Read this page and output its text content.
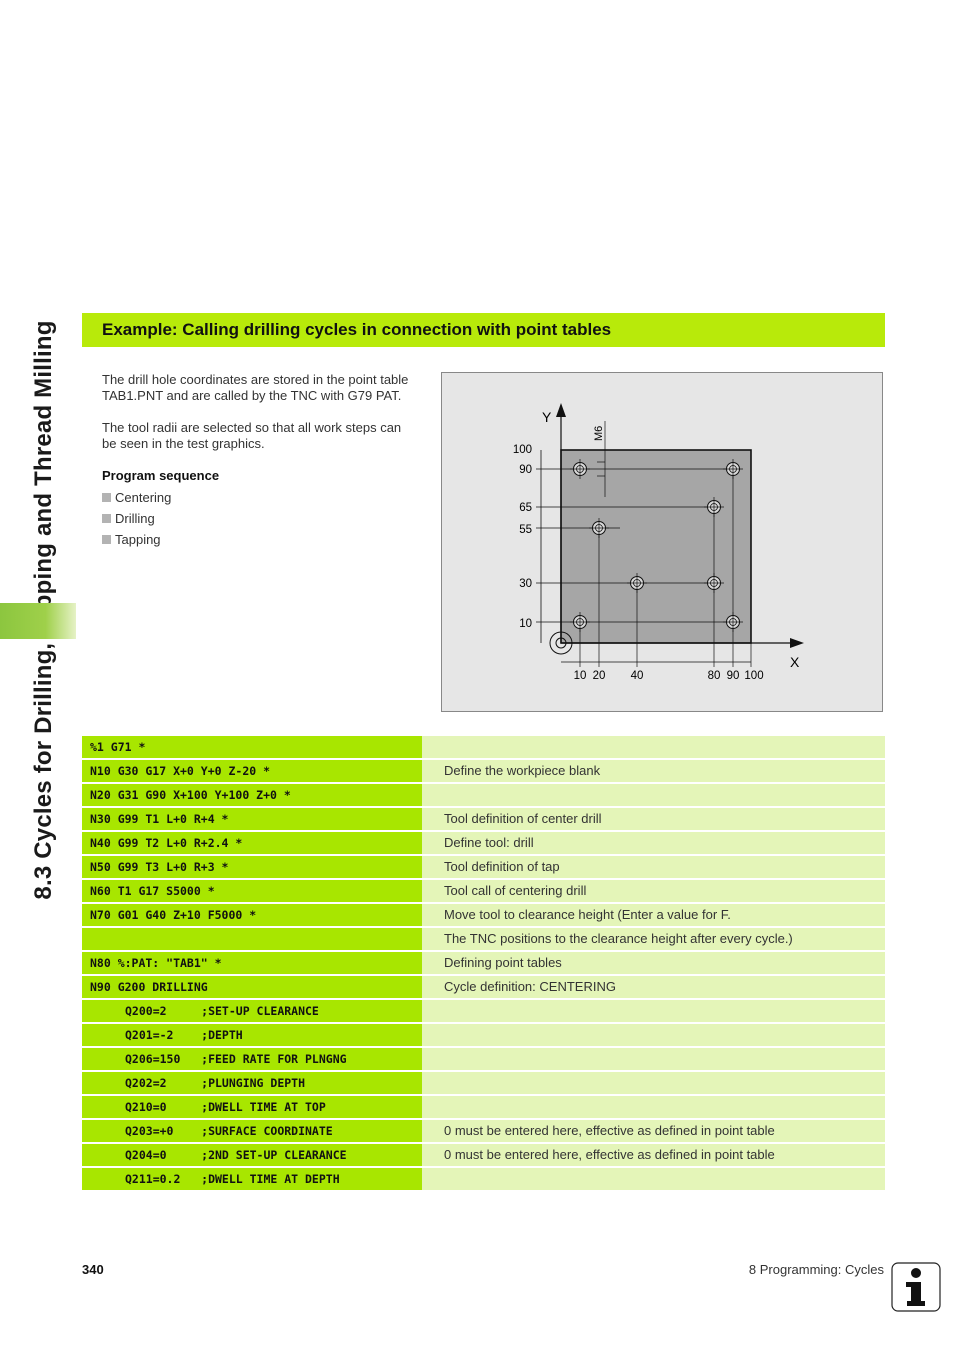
Example: Calling drilling cycles in connection with point tables

The drill hole coordinates are stored in the point table TAB1.PNT and are called by the TNC with G79 PAT.

The tool radii are selected so that all work steps can be seen in the test graphics.

Program sequence

Centering
Drilling
Tapping
Y
X
100
90
65
55
30
10
10 20 40	80 90 100
M6
%1 G71 *
N10 G30 G17 X+0 Y+0 Z-20 *	Define the workpiece blank
N20 G31 G90 X+100 Y+100 Z+0 *
N30 G99 T1 L+0 R+4 *	Tool definition of center drill
N40 G99 T2 L+0 R+2.4 *	Define tool: drill
N50 G99 T3 L+0 R+3 *	Tool definition of tap
N60 T1 G17 S5000 *	Tool call of centering drill
N70 G01 G40 Z+10 F5000 *	Move tool to clearance height (Enter a value for F.
The TNC positions to the clearance height after every cycle.)
N80 %:PAT: "TAB1" *	Defining point tables
N90 G200 DRILLING	Cycle definition: CENTERING
Q200=2     ;SET-UP CLEARANCE
Q201=-2    ;DEPTH
Q206=150   ;FEED RATE FOR PLNGNG
Q202=2     ;PLUNGING DEPTH
Q210=0     ;DWELL TIME AT TOP
Q203=+0    ;SURFACE COORDINATE	0 must be entered here, effective as defined in point table
Q204=0     ;2ND SET-UP CLEARANCE	0 must be entered here, effective as defined in point table
Q211=0.2   ;DWELL TIME AT DEPTH
340	8 Programming: Cycles
